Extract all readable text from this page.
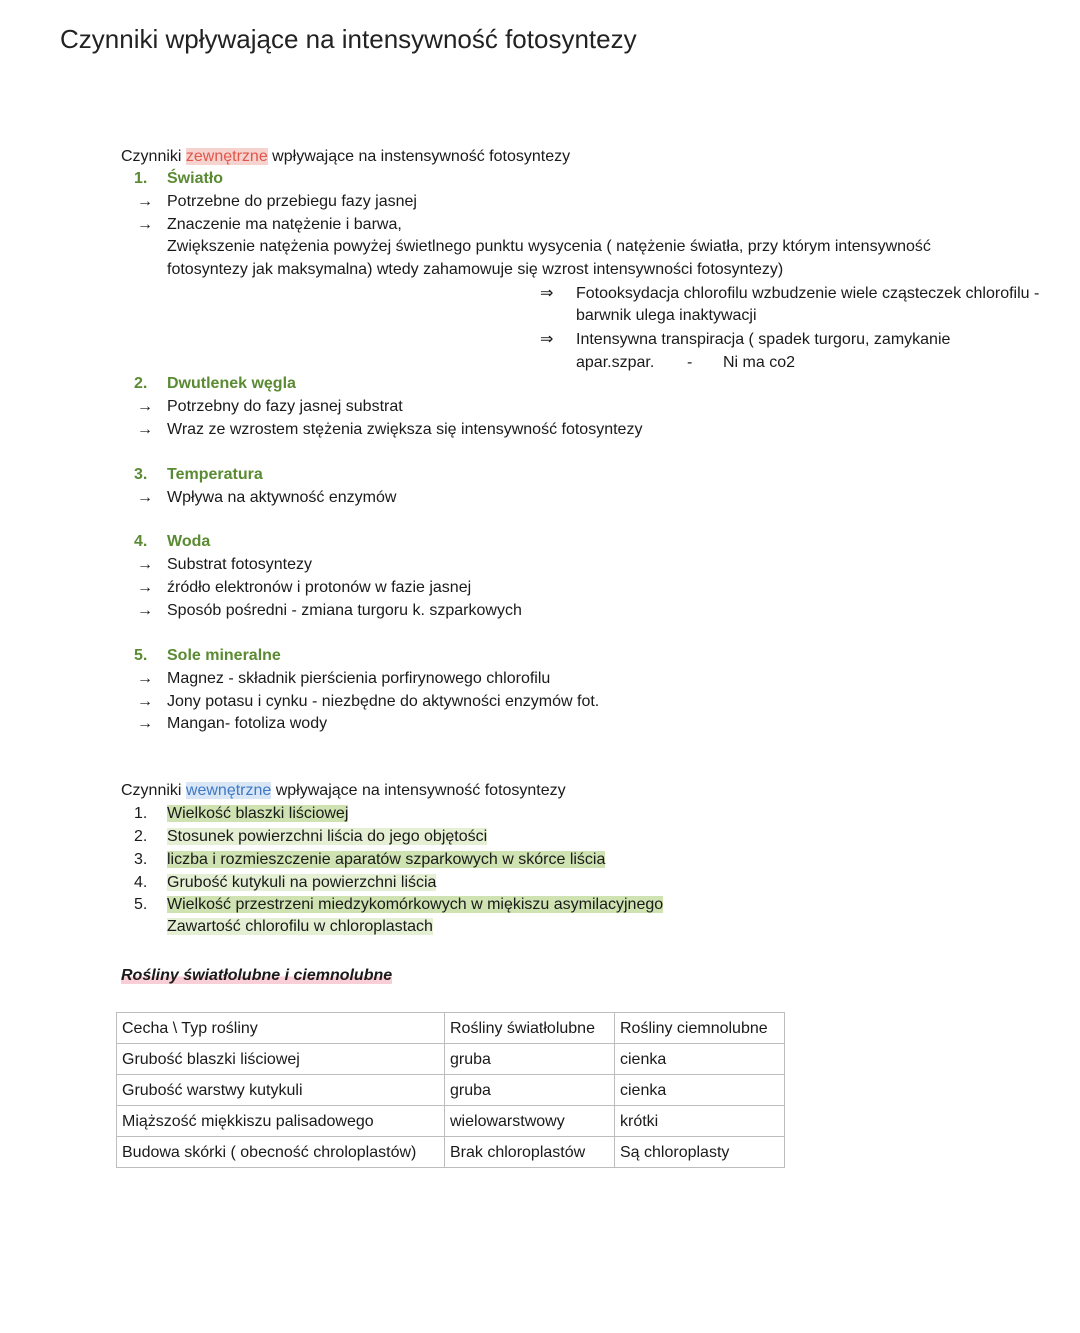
Czynniki wpływające na intensywność fotosyntezy
Czynniki zewnętrzne wpływające na instensywność fotosyntezy
1. Światło
→ Potrzebne do przebiegu fazy jasnej
→ Znaczenie ma natężenie i barwa,
Zwiększenie natężenia powyżej świetlnego punktu wysycenia ( natężenie światła, przy którym intensywność
fotosyntezy jak maksymalna) wtedy zahamowuje się wzrost intensywności fotosyntezy)
⇒ Fotooksydacja chlorofilu wzbudzenie wiele cząsteczek chlorofilu -
barwnik ulega inaktywacji
⇒ Intensywna transpiracja ( spadek turgoru, zamykanie
apar.szpar. - Ni ma co2
2. Dwutlenek węgla
→ Potrzebny do fazy jasnej substrat
→ Wraz ze wzrostem stężenia zwiększa się intensywność fotosyntezy
3. Temperatura
→ Wpływa na aktywność enzymów
4. Woda
→ Substrat fotosyntezy
→ źródło elektronów i protonów w fazie jasnej
→ Sposób pośredni - zmiana turgoru k. szparkowych
5. Sole mineralne
→ Magnez - składnik pierścienia porfirynowego chlorofilu
→ Jony potasu i cynku - niezbędne do aktywności enzymów fot.
→ Mangan- fotoliza wody
Czynniki wewnętrzne wpływające na intensywność fotosyntezy
1. Wielkość blaszki liściowej
2. Stosunek powierzchni liścia do jego objętości
3. liczba i rozmieszczenie aparatów szparkowych w skórce liścia
4. Grubość kutykuli na powierzchni liścia
5. Wielkość przestrzeni miedzykomórkowych w miękiszu asymilacyjnego
Zawartość chlorofilu w chloroplastach
Rośliny światłolubne i ciemnolubne
Cecha \ Typ rośliny	Rośliny światłolubne	Rośliny ciemnolubne
Grubość blaszki liściowej	gruba	cienka
Grubość warstwy kutykuli	gruba	cienka
Miąższość miękkiszu palisadowego	wielowarstwowy	krótki
Budowa skórki ( obecność chroloplastów)	Brak chloroplastów	Są chloroplasty
